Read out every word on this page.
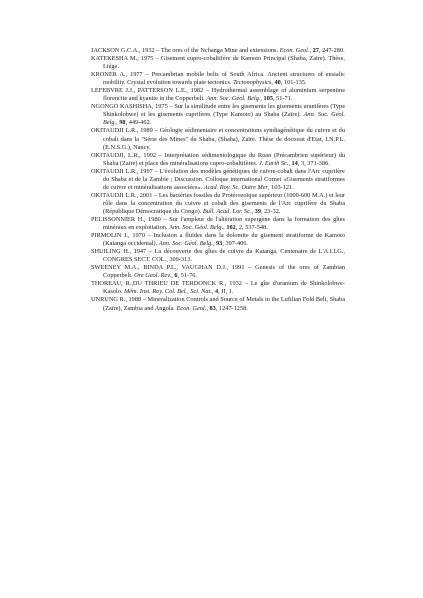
JACKSON G.C.A., 1932 – The ores of the Nchanga Mine and extensions. Econ. Geol., 27, 247-280.

KATEKESHA M., 1975 – Gisement cupro-cobaltifère de Kamoto Principal (Shaba, Zaïre). Thèse, Liège.

KRONER A., 1977 – Precambrian mobile belts of South Africa. Ancient structures of ensialic mobility. Crystal evolution towards plate tectonics. Tectonophysics, 40, 101-135.

LEFEBVRE J.J., PATTERSON L.E., 1982 – Hydrothermal assemblage of aluminium serpentine florencite and kyanite in the Copperbelt. Ann. Soc. Géol. Belg., 105, 51-71.

NGONGO KASHISHA, 1975 – Sur la similitude entre les gisements les gisements uranifères (Type Shinkolobwe) et les gisements cuprifères (Type Kamoto) au Shaba (Zaïre). Ann. Soc. Géol. Belg., 98, 449-462.

OKITAUDJI L.R., 1989 – Géologie sédimentaire et concentrations syndiagénétique du cuivre et du cobalt dans la "Série des Mines" du Shaba, (Shaba), Zaïre. Thèse de doctorat d'Etat, I.N.P.L. (E.N.S.G.), Nancy.

OKITAUDJI, L.R., 1992 – Interprétation sédimentologique du Roan (Précambrien supérieur) du Shaba (Zaïre) et place des minéralisations cupro-cobaltifères. J. Earth Sc., 14, 3, 371-386.

OKITAUDJI L.R., 1997 – L'évolution des modèles génétiques de cuivre-cobalt dans l'Arc cuprifère du Shaba et de la Zambie ; Discussion. Colloque international Cornet «Gisements stratiformes de cuivre et minéralisations associées». Acad. Roy. Sc. Outre Mer, 103-121.

OKITAUDJI L.R., 2001 – Les bactéries fossiles du Protérozoïque supérieur (1000-600 M.A.) et leur rôle dans la concentration du cuivre et cobalt des gisements de l'Arc cuprifère du Shaba (République Démocratique du Congo). Bull. Acad. Lor. Sc., 39, 23-32.

PELISSONNIER H., 1980 – Sur l'ampleur de l'altération supergène dans la formation des gîtes minéraux en exploitation. Ann. Soc. Géol. Belg., 102, 2, 537-548.

PIRMOLIN J., 1970 – Inclusion a fluides dans la dolomite du gisement stratiforme de Kamoto (Katanga occidental). Ann. Soc. Géol. Belg., 93, 397-406.

SHUILING H., 1947 – La découverte des gîtes de cuivre du Katanga. Centenaire de L'A.I.LG., CONGRES SECT. COL., 309-313.

SWEENEY M.A., BINDA P.L., VAUGHAN D.J., 1991 – Genesis of the ores of Zambian Copperbelt. Ore Geol. Rev., 6, 51-76.

THOREAU, R.,DU THRIEU DE TERDONCK R., 1932 – Le gîte d'uranium de Shinkolobwe-Kasolo. Mém. Inst. Roy. Col. Bel., Sci. Nat., 4, II, 1.

UNRUNG R., 1988 – Mineralization Controls and Source of Metals in the Lufilian Fold Belt, Shaba (Zaïre), Zambia and Angola. Econ. Geol., 83, 1247-1258.
